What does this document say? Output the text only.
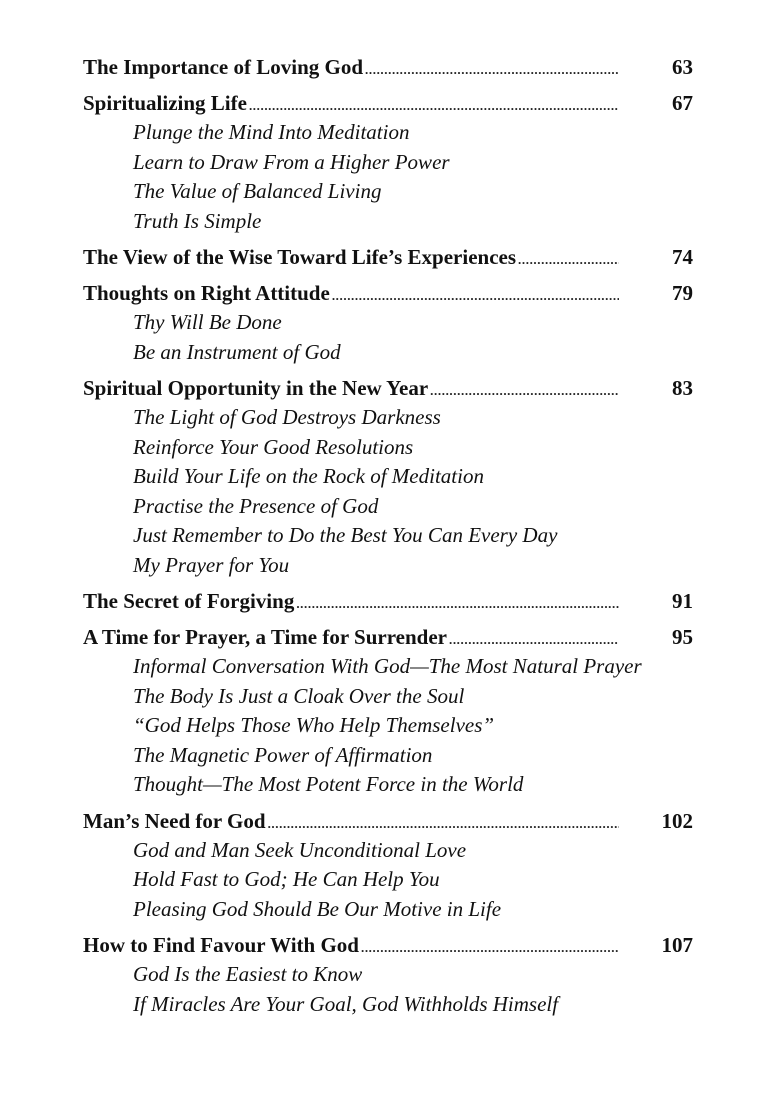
The Importance of Loving God .....	63
Spiritualizing Life .....	67
Plunge the Mind Into Meditation
Learn to Draw From a Higher Power
The Value of Balanced Living
Truth Is Simple
The View of the Wise Toward Life’s Experiences .....	74
Thoughts on Right Attitude .....	79
Thy Will Be Done
Be an Instrument of God
Spiritual Opportunity in the New Year .....	83
The Light of God Destroys Darkness
Reinforce Your Good Resolutions
Build Your Life on the Rock of Meditation
Practise the Presence of God
Just Remember to Do the Best You Can Every Day
My Prayer for You
The Secret of Forgiving .....	91
A Time for Prayer, a Time for Surrender .....	95
Informal Conversation With God—The Most Natural Prayer
The Body Is Just a Cloak Over the Soul
“God Helps Those Who Help Themselves”
The Magnetic Power of Affirmation
Thought—The Most Potent Force in the World
Man’s Need for God .....	102
God and Man Seek Unconditional Love
Hold Fast to God; He Can Help You
Pleasing God Should Be Our Motive in Life
How to Find Favour With God .....	107
God Is the Easiest to Know
If Miracles Are Your Goal, God Withholds Himself
